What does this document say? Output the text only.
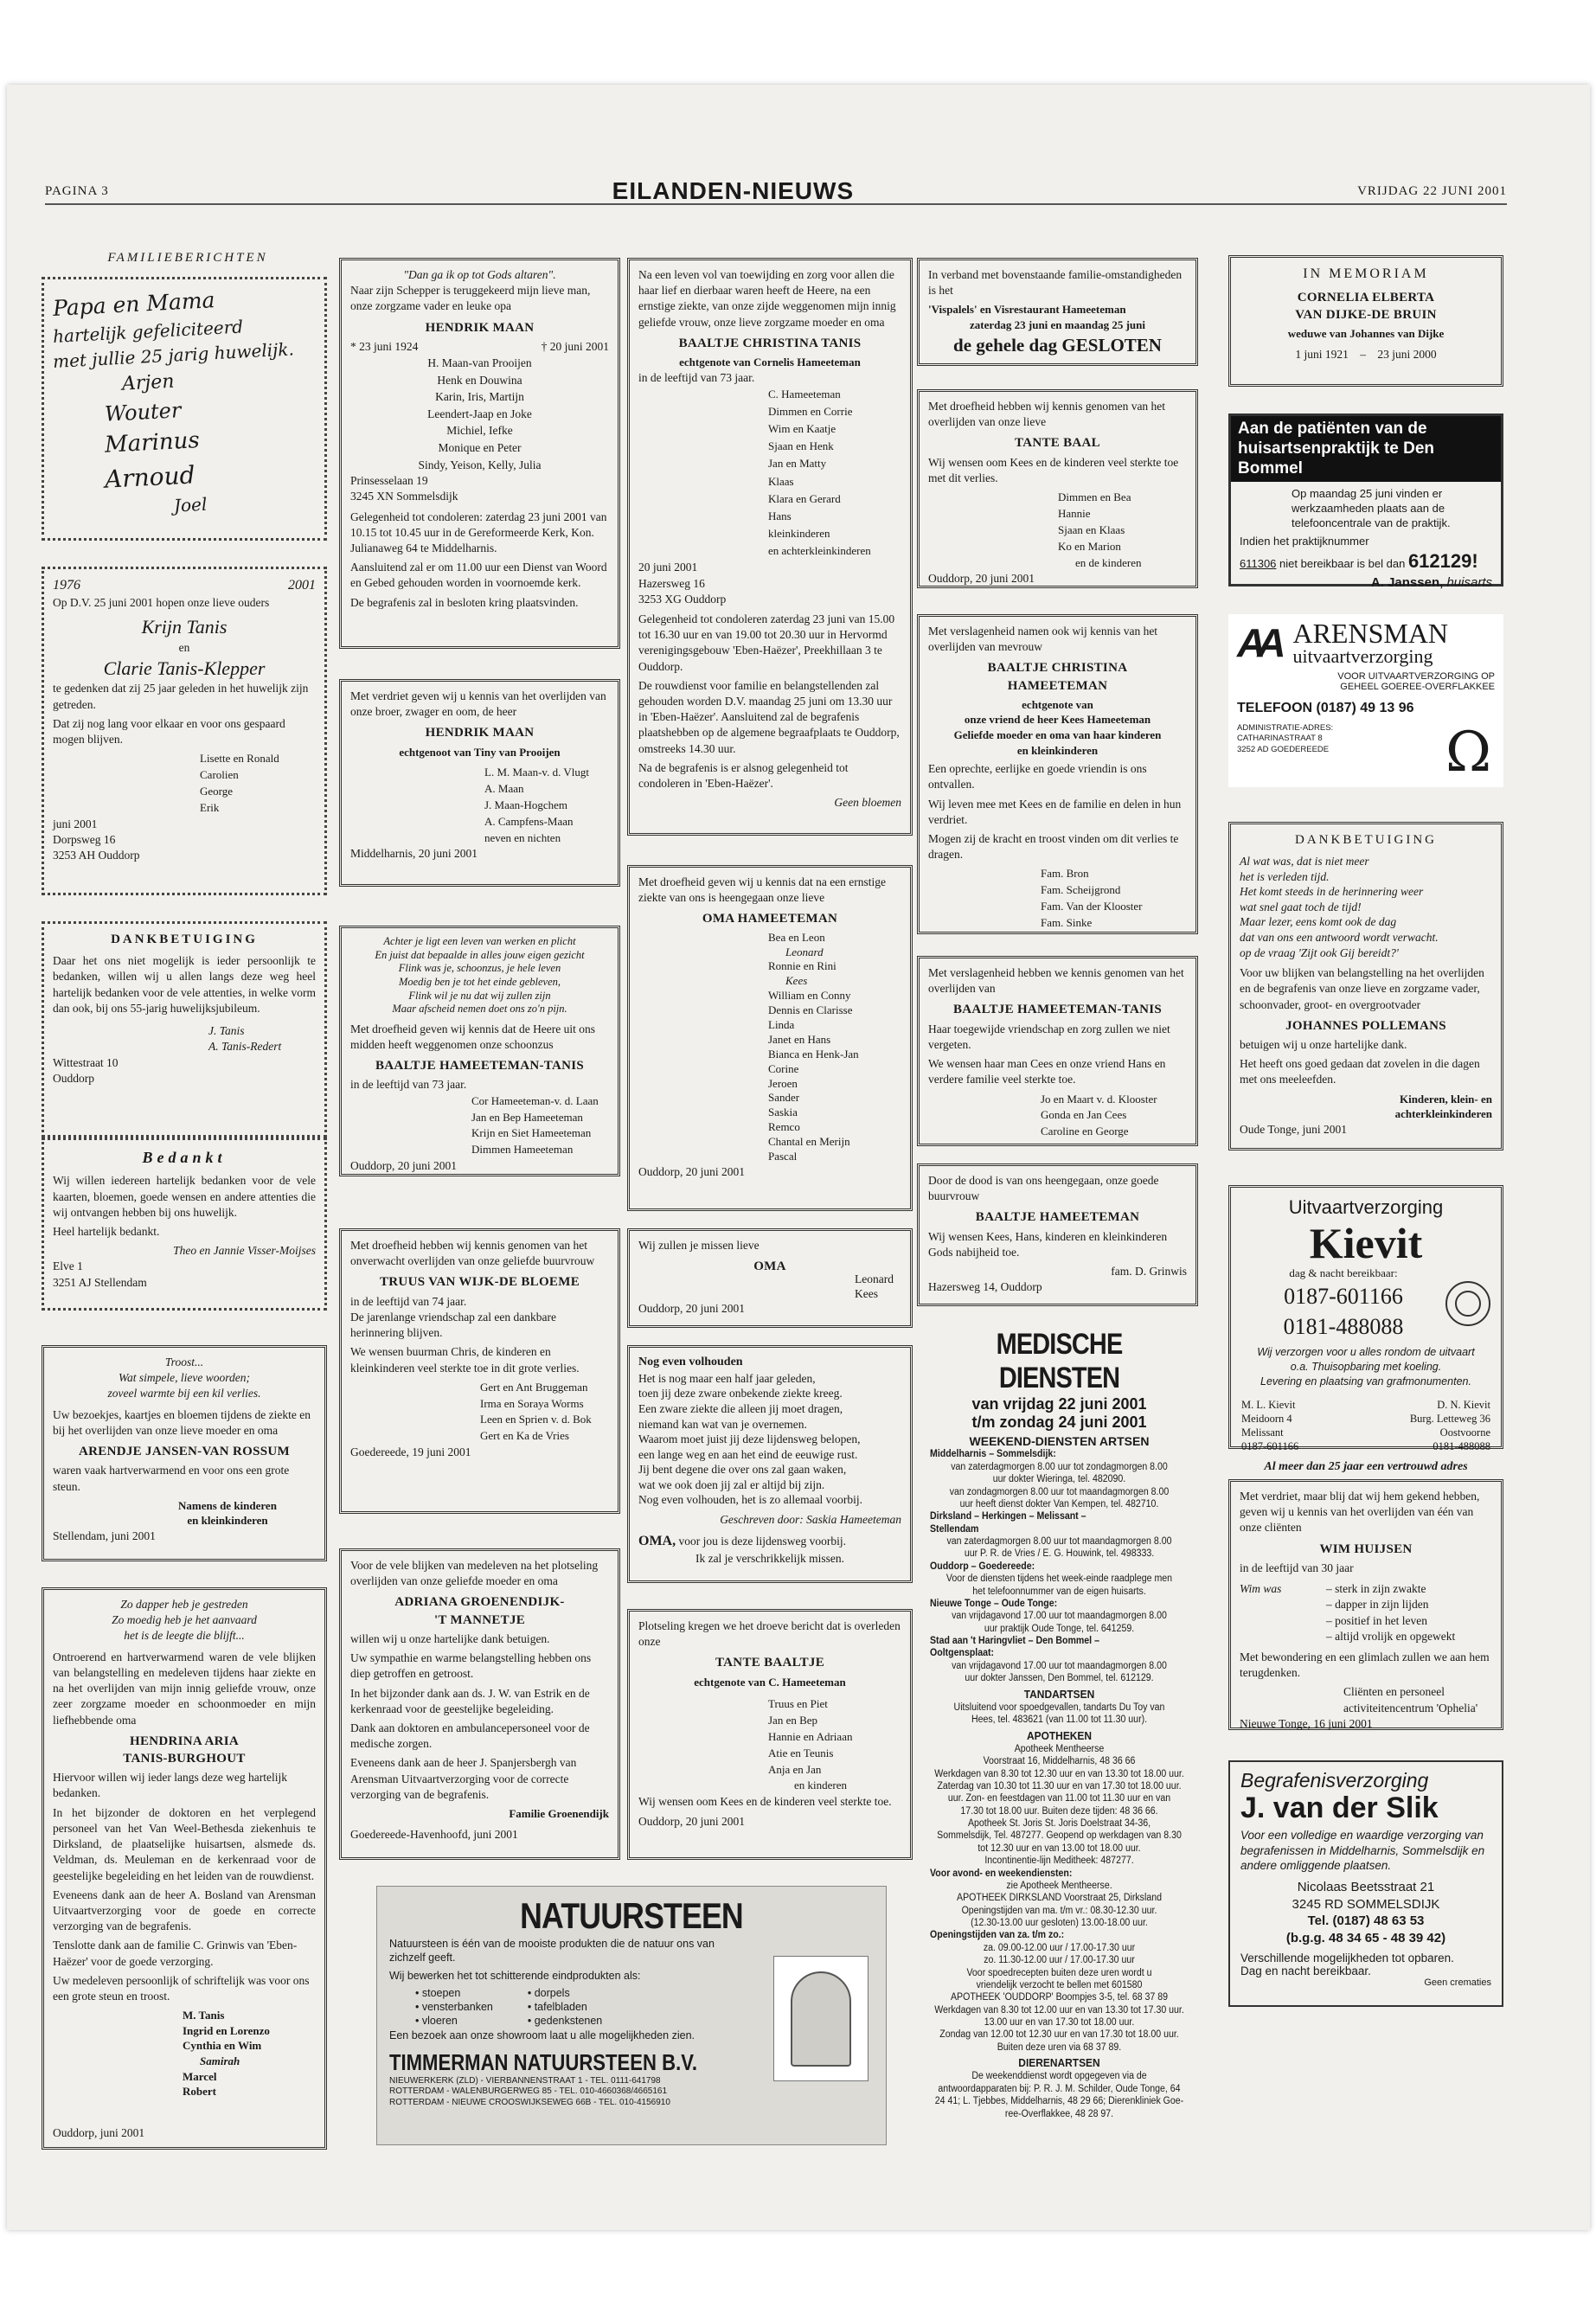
PAGINA 3	EILANDEN-NIEUWS	VRIJDAG 22 JUNI 2001
FAMILIEBERICHTEN
Papa en Mama
hartelijk gefeliciteerd
met jullie 25 jarig huwelijk.
Arjen
Wouter
Marinus
Arnoud
Joel
1976	2001

Op D.V. 25 juni 2001 hopen onze lieve ouders

Krijn Tanis
en
Clarie Tanis-Klepper

te gedenken dat zij 25 jaar geleden in het huwelijk zijn getreden.

Dat zij nog lang voor elkaar en voor ons gespaard mogen blijven.

Lisette en Ronald
Carolien
George
Erik
juni 2001
Dorpsweg 16
3253 AH Ouddorp
DANKBETUIGING

Daar het ons niet mogelijk is ieder persoonlijk te bedanken, willen wij u allen langs deze weg heel hartelijk bedanken voor de vele attenties, in welke vorm dan ook, bij ons 55-jarig huwelijksjubileum.

J. Tanis
A. Tanis-Redert
Wittestraat 10
Ouddorp
Bedankt

Wij willen iedereen hartelijk bedanken voor de vele kaarten, bloemen, goede wensen en andere attenties die wij ontvangen hebben bij ons huwelijk.

Heel hartelijk bedankt.

Theo en Jannie Visser-Moijses
Elve 1
3251 AJ Stellendam
Troost...
Wat simpele, lieve woorden;
zoveel warmte bij een kil verlies.

Uw bezoekjes, kaartjes en bloemen tijdens de ziekte en bij het overlijden van onze lieve moeder en oma

ARENDJE JANSEN-VAN ROSSUM

waren vaak hartverwarmend en voor ons een grote steun.

Namens de kinderen
en kleinkinderen
Stellendam, juni 2001
Zo dapper heb je gestreden
Zo moedig heb je het aanvaard
het is de leegte die blijft...

Ontroerend en hartverwarmend waren de vele blijken van belangstelling en medeleven tijdens haar ziekte en na het overlijden van mijn innig geliefde vrouw, onze zeer zorgzame moeder en schoonmoeder en mijn liefhebbende oma

HENDRINA ARIA
TANIS-BURGHOUT

Hiervoor willen wij ieder langs deze weg hartelijk bedanken.

In het bijzonder de doktoren en het verplegend personeel van het Van Weel-Bethesda ziekenhuis te Dirksland, de plaatselijke huisartsen, alsmede ds. Veldman, ds. Meuleman en de kerkenraad voor de geestelijke begeleiding en het leiden van de rouwdienst.

Eveneens dank aan de heer A. Bosland van Arensman Uitvaartverzorging voor de goede en correcte verzorging van de begrafenis.

Tenslotte dank aan de familie C. Grinwis van 'Eben-Haëzer' voor de goede verzorging.

Uw medeleven persoonlijk of schriftelijk was voor ons een grote steun en troost.

M. Tanis
Ingrid en Lorenzo
Cynthia en Wim
Samirah
Marcel
Robert
Ouddorp, juni 2001
"Dan ga ik op tot Gods altaren".

Naar zijn Schepper is teruggekeerd mijn lieve man, onze zorgzame vader en leuke opa

HENDRIK MAAN
* 23 juni 1924	† 20 juni 2001
H. Maan-van Prooijen
Henk en Douwina
Karin, Iris, Martijn
Leendert-Jaap en Joke
Michiel, Iefke
Monique en Peter
Sindy, Yeison, Kelly, Julia
Prinsesselaan 19
3245 XN Sommelsdijk

Gelegenheid tot condoleren: zaterdag 23 juni 2001 van 10.15 tot 10.45 uur in de Gereformeerde Kerk, Kon. Julianaweg 64 te Middelharnis.

Aansluitend zal er om 11.00 uur een Dienst van Woord en Gebed gehouden worden in voornoemde kerk.

De begrafenis zal in besloten kring plaatsvinden.

Met verdriet geven wij u kennis van het overlijden van onze broer, zwager en oom, de heer

HENDRIK MAAN
echtgenoot van Tiny van Prooijen
L. M. Maan-v. d. Vlugt
A. Maan
J. Maan-Hogchem
A. Campfens-Maan
neven en nichten
Middelharnis, 20 juni 2001
Achter je ligt een leven van werken en plicht
En juist dat bepaalde in alles jouw eigen gezicht
Flink was je, schoonzus, je hele leven
Moedig ben je tot het einde gebleven,
Flink wil je nu dat wij zullen zijn
Maar afscheid nemen doet ons zo'n pijn.

Met droefheid geven wij kennis dat de Heere uit ons midden heeft weggenomen onze schoonzus

BAALTJE HAMEETEMAN-TANIS
in de leeftijd van 73 jaar.
Cor Hameeteman-v. d. Laan
Jan en Bep Hameeteman
Krijn en Siet Hameeteman
Dimmen Hameeteman
Ouddorp, 20 juni 2001

Met droefheid hebben wij kennis genomen van het onverwacht overlijden van onze geliefde buurvrouw

TRUUS VAN WIJK-DE BLOEME
in de leeftijd van 74 jaar.

De jarenlange vriendschap zal een dankbare herinnering blijven.

We wensen buurman Chris, de kinderen en kleinkinderen veel sterkte toe in dit grote verlies.

Gert en Ant Bruggeman
Irma en Soraya Worms
Leen en Sprien v. d. Bok
Gert en Ka de Vries
Goedereede, 19 juni 2001

Voor de vele blijken van medeleven na het plotseling overlijden van onze geliefde moeder en oma

ADRIANA GROENENDIJK-
'T MANNETJE

willen wij u onze hartelijke dank betuigen.

Uw sympathie en warme belangstelling hebben ons diep getroffen en getroost.

In het bijzonder dank aan ds. J. W. van Estrik en de kerkenraad voor de geestelijke begeleiding.

Dank aan doktoren en ambulancepersoneel voor de medische zorgen.

Eveneens dank aan de heer J. Spanjersbergh van Arensman Uitvaartverzorging voor de correcte verzorging van de begrafenis.

Familie Groenendijk
Goedereede-Havenhoofd, juni 2001

Na een leven vol van toewijding en zorg voor allen die haar lief en dierbaar waren heeft de Heere, na een ernstige ziekte, van onze zijde weggenomen mijn innig geliefde vrouw, onze lieve zorgzame moeder en oma

BAALTJE CHRISTINA TANIS
echtgenote van Cornelis Hameeteman
in de leeftijd van 73 jaar.
C. Hameeteman
Dimmen en Corrie
Wim en Kaatje
Sjaan en Henk
Jan en Matty
Klaas
Klara en Gerard
Hans
kleinkinderen
en achterkleinkinderen
20 juni 2001
Hazersweg 16
3253 XG Ouddorp

Gelegenheid tot condoleren zaterdag 23 juni van 15.00 tot 16.30 uur en van 19.00 tot 20.30 uur in Hervormd verenigingsgebouw 'Eben-Haëzer', Preekhillaan 3 te Ouddorp.

De rouwdienst voor familie en belangstellenden zal gehouden worden D.V. maandag 25 juni om 13.30 uur in 'Eben-Haëzer'. Aansluitend zal de begrafenis plaatshebben op de algemene begraafplaats te Ouddorp, omstreeks 14.30 uur.

Na de begrafenis is er alsnog gelegenheid tot condoleren in 'Eben-Haëzer'.

Geen bloemen

Met droefheid geven wij u kennis dat na een ernstige ziekte van ons is heengegaan onze lieve

OMA HAMEETEMAN
Bea en Leon
Leonard
Ronnie en Rini
Kees
William en Conny
Dennis en Clarisse
Linda
Janet en Hans
Bianca en Henk-Jan
Corine
Jeroen
Sander
Saskia
Remco
Chantal en Merijn
Pascal
Ouddorp, 20 juni 2001

Wij zullen je missen lieve

OMA
Leonard
Kees
Ouddorp, 20 juni 2001
Nog even volhouden
Het is nog maar een half jaar geleden,
toen jij deze zware onbekende ziekte kreeg.
Een zware ziekte die alleen jij moet dragen,
niemand kan wat van je overnemen.
Waarom moet juist jij deze lijdensweg belopen,
een lange weg en aan het eind de eeuwige rust.
Jij bent degene die over ons zal gaan waken,
wat we ook doen jij zal er altijd bij zijn.
Nog even volhouden, het is zo allemaal voorbij.
Geschreven door: Saskia Hameeteman
OMA, voor jou is deze lijdensweg voorbij.
Ik zal je verschrikkelijk missen.

Plotseling kregen we het droeve bericht dat is overleden onze

TANTE BAALTJE
echtgenote van C. Hameeteman
Truus en Piet
Jan en Bep
Hannie en Adriaan
Atie en Teunis
Anja en Jan
en kinderen

Wij wensen oom Kees en de kinderen veel sterkte toe.

Ouddorp, 20 juni 2001
NATUURSTEEN

Natuursteen is één van de mooiste produkten die de natuur ons van zichzelf geeft.

Wij bewerken het tot schitterende eindprodukten als:

• stoepen
• vensterbanken
• vloeren
• dorpels
• tafelbladen
• gedenkstenen

Een bezoek aan onze showroom laat u alle mogelijkheden zien.

TIMMERMAN NATUURSTEEN B.V.
NIEUWERKERK (ZLD) - VIERBANNENSTRAAT 1 - TEL. 0111-641798
ROTTERDAM - WALENBURGERWEG 85 - TEL. 010-4660368/4665161
ROTTERDAM - NIEUWE CROOSWIJKSEWEG 66B - TEL. 010-4156910

In verband met bovenstaande familie-omstandigheden is het

'Vispalels' en Visrestaurant Hameeteman
zaterdag 23 juni en maandag 25 juni
de gehele dag GESLOTEN

Met droefheid hebben wij kennis genomen van het overlijden van onze lieve

TANTE BAAL

Wij wensen oom Kees en de kinderen veel sterkte toe met dit verlies.

Dimmen en Bea
Hannie
Sjaan en Klaas
Ko en Marion
en de kinderen
Ouddorp, 20 juni 2001

Met verslagenheid namen ook wij kennis van het overlijden van mevrouw

BAALTJE CHRISTINA
HAMEETEMAN
echtgenote van
onze vriend de heer Kees Hameeteman
Geliefde moeder en oma van haar kinderen
en kleinkinderen

Een oprechte, eerlijke en goede vriendin is ons ontvallen.

Wij leven mee met Kees en de familie en delen in hun verdriet.

Mogen zij de kracht en troost vinden om dit verlies te dragen.

Fam. Bron
Fam. Scheijgrond
Fam. Van der Klooster
Fam. Sinke

Met verslagenheid hebben we kennis genomen van het overlijden van

BAALTJE HAMEETEMAN-TANIS

Haar toegewijde vriendschap en zorg zullen we niet vergeten.

We wensen haar man Cees en onze vriend Hans en verdere familie veel sterkte toe.

Jo en Maart v. d. Klooster
Gonda en Jan Cees
Caroline en George

Door de dood is van ons heengegaan, onze goede buurvrouw

BAALTJE HAMEETEMAN

Wij wensen Kees, Hans, kinderen en kleinkinderen Gods nabijheid toe.

fam. D. Grinwis
Hazersweg 14, Ouddorp
MEDISCHE DIENSTEN
van vrijdag 22 juni 2001
t/m zondag 24 juni 2001
WEEKEND-DIENSTEN ARTSEN
Middelharnis – Sommelsdijk:
van zaterdagmorgen 8.00 uur tot zondagmorgen 8.00
uur dokter Wieringa, tel. 482090.
van zondagmorgen 8.00 uur tot maandagmorgen 8.00
uur heeft dienst dokter Van Kempen, tel. 482710.
Dirksland – Herkingen – Melissant –
Stellendam
van zaterdagmorgen 8.00 uur tot maandagmorgen 8.00
uur P. R. de Vries / E. G. Houwink, tel. 498333.
Ouddorp – Goedereede:
Voor de diensten tijdens het week-einde raadplege men
het telefoonnummer van de eigen huisarts.
Nieuwe Tonge – Oude Tonge:
van vrijdagavond 17.00 uur tot maandagmorgen 8.00
uur praktijk Oude Tonge, tel. 641259.
Stad aan 't Haringvliet – Den Bommel –
Ooltgensplaat:
van vrijdagavond 17.00 uur tot maandagmorgen 8.00
uur dokter Janssen, Den Bommel, tel. 612129.
TANDARTSEN
Uitsluitend voor spoedgevallen, tandarts Du Toy van
Hees, tel. 483621 (van 11.00 tot 11.30 uur).
APOTHEKEN
Apotheek Mentheerse
Voorstraat 16, Middelharnis, 48 36 66
Werkdagen van 8.30 tot 12.30 uur en van 13.30 tot 18.00 uur.
Zaterdag van 10.30 tot 11.30 uur en van 17.30 tot 18.00 uur.
uur. Zon- en feestdagen van 11.00 tot 11.30 uur en van
17.30 tot 18.00 uur. Buiten deze tijden: 48 36 66.
Apotheek St. Joris St. Joris Doelstraat 34-36,
Sommelsdijk, Tel. 487277. Geopend op werkdagen van 8.30
tot 12.30 uur en van 13.00 tot 18.00 uur.
Incontinentie-lijn Meditheek: 487277.
Voor avond- en weekendiensten:
zie Apotheek Mentheerse.
APOTHEEK DIRKSLAND Voorstraat 25, Dirksland
Openingstijden van ma. t/m vr.: 08.30-12.30 uur.
(12.30-13.00 uur gesloten) 13.00-18.00 uur.
Openingstijden van za. t/m zo.:
za. 09.00-12.00 uur / 17.00-17.30 uur
zo. 11.30-12.00 uur / 17.00-17.30 uur
Voor spoedrecepten buiten deze uren wordt u
vriendelijk verzocht te bellen met 601580
APOTHEEK 'OUDDORP' Boompjes 3-5, tel. 68 37 89
Werkdagen van 8.30 tot 12.00 uur en van 13.30 tot 17.30 uur.
13.00 uur en van 17.30 tot 18.00 uur.
Zondag van 12.00 tot 12.30 uur en van 17.30 tot 18.00 uur.
Buiten deze uren via 68 37 89.
DIERENARTSEN
De weekenddienst wordt opgegeven via de
antwoordapparaten bij: P. R. J. M. Schilder, Oude Tonge, 64
24 41; L. Tjebbes, Middelharnis, 48 29 66; Dierenkliniek Goe-
ree-Overflakkee, 48 28 97.
IN MEMORIAM
CORNELIA ELBERTA
VAN DIJKE-DE BRUIN
weduwe van Johannes van Dijke
1 juni 1921 – 23 juni 2000
Aan de patiënten van de
huisartsenpraktijk te Den Bommel

Op maandag 25 juni vinden er werkzaamheden plaats aan de telefooncentrale van de praktijk.

Indien het praktijknummer
611306 niet bereikbaar is bel dan 612129!
A. Janssen, huisarts
AA ARENSMAN
uitvaartverzorging
VOOR UITVAARTVERZORGING OP
GEHEEL GOEREE-OVERFLAKKEE
TELEFOON (0187) 49 13 96
ADMINISTRATIE-ADRES:
CATHARINASTRAAT 8
3252 AD GOEDEREEDE	Ω
DANKBETUIGING
Al wat was, dat is niet meer
het is verleden tijd.
Het komt steeds in de herinnering weer
wat snel gaat toch de tijd!
Maar lezer, eens komt ook de dag
dat van ons een antwoord wordt verwacht.
op de vraag 'Zijt ook Gij bereidt?'

Voor uw blijken van belangstelling na het overlijden en de begrafenis van onze lieve en zorgzame vader, schoonvader, groot- en overgrootvader

JOHANNES POLLEMANS

betuigen wij u onze hartelijke dank.

Het heeft ons goed gedaan dat zovelen in die dagen met ons meeleefden.

Kinderen, klein- en
achterkleinkinderen
Oude Tonge, juni 2001
Uitvaartverzorging
Kievit
dag & nacht bereikbaar:
0187-601166
0181-488088
Wij verzorgen voor u alles rondom de uitvaart
o.a. Thuisopbaring met koeling.
Levering en plaatsing van grafmonumenten.
M. L. Kievit
Meidoorn 4
Melissant
0187-601166
D. N. Kievit
Burg. Letteweg 36
Oostvoorne
0181-488088
Al meer dan 25 jaar een vertrouwd adres

Met verdriet, maar blij dat wij hem gekend hebben, geven wij u kennis van het overlijden van één van onze cliënten

WIM HUIJSEN
in de leeftijd van 30 jaar
Wim was	– sterk in zijn zwakte
– dapper in zijn lijden
– positief in het leven
– altijd vrolijk en opgewekt

Met bewondering en een glimlach zullen we aan hem terugdenken.

Cliënten en personeel
activiteitencentrum 'Ophelia'
Nieuwe Tonge, 16 juni 2001
Begrafenisverzorging
J. van der Slik

Voor een volledige en waardige verzorging van begrafenissen in Middelharnis, Sommelsdijk en andere omliggende plaatsen.

Nicolaas Beetsstraat 21
3245 RD SOMMELSDIJK
Tel. (0187) 48 63 53
(b.g.g. 48 34 65 - 48 39 42)
Verschillende mogelijkheden tot opbaren.
Dag en nacht bereikbaar.
Geen crematies
